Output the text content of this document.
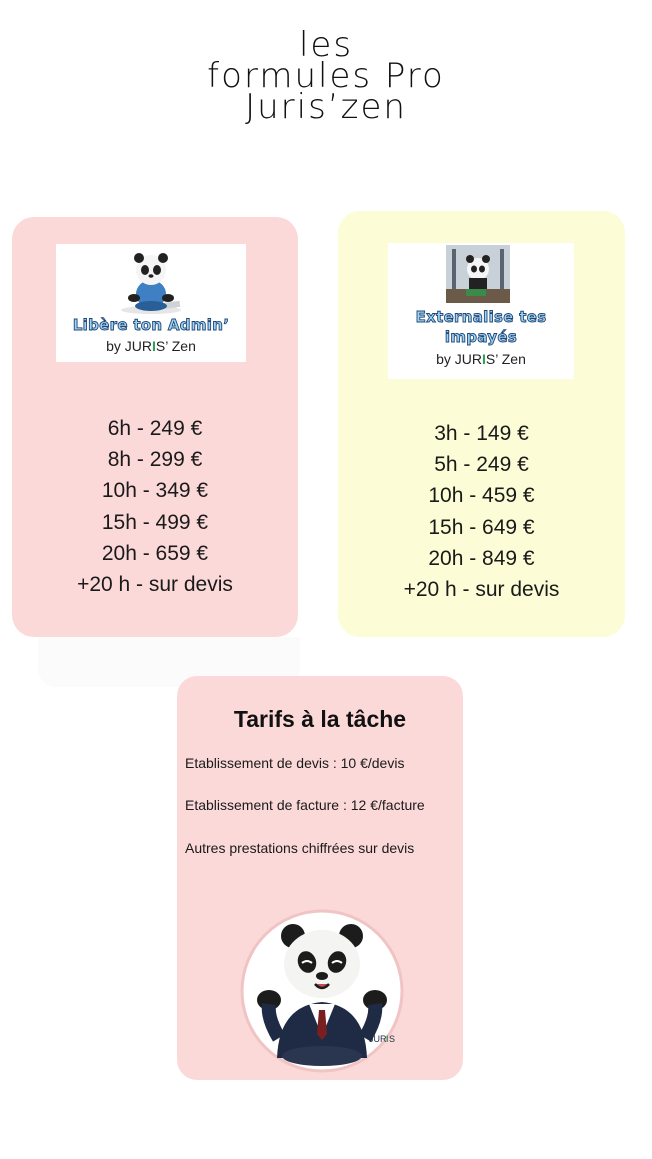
les
formules Pro
Juris’zen
Libère ton Admin’
by JURIS’ Zen
6h - 249 €
8h - 299 €
10h - 349 €
15h - 499 €
20h - 659 €
+20 h - sur devis
Externalise tes
impayés
by JURIS’ Zen
3h - 149 €
5h - 249 €
10h - 459 €
15h - 649 €
20h - 849 €
+20 h - sur devis
Tarifs à la tâche
Etablissement de devis : 10 €/devis
Etablissement de facture : 12 €/facture
Autres prestations chiffrées sur devis
JUR I S
